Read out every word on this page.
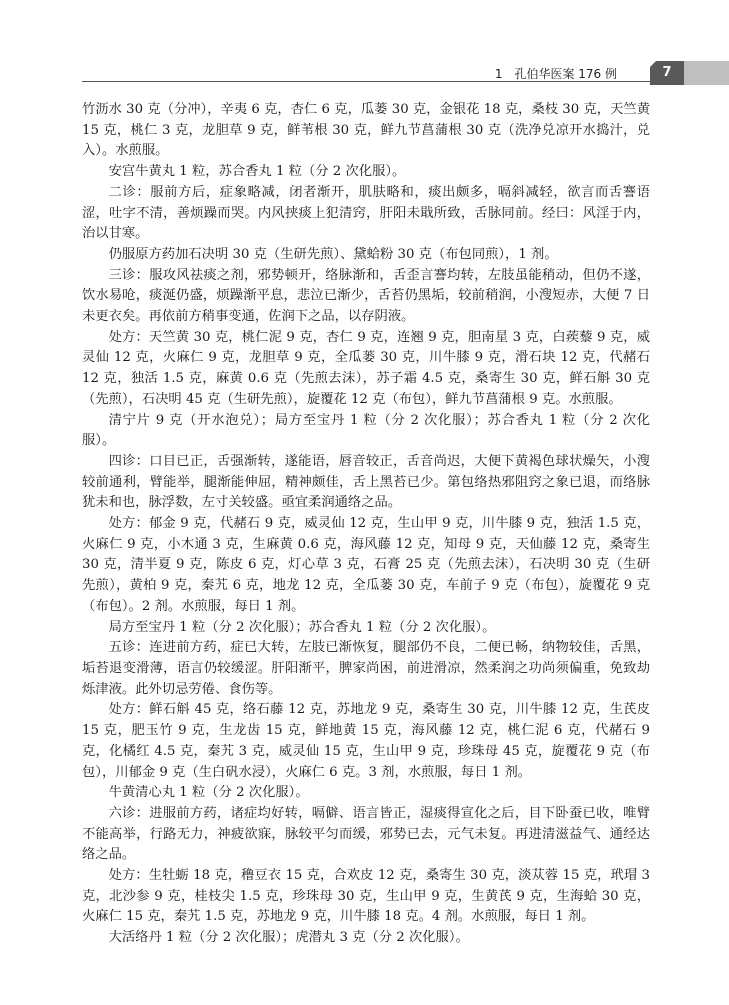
1　孔伯华医案 176 例	7

竹沥水 30 克（分冲），辛夷 6 克，杏仁 6 克，瓜蒌 30 克，金银花 18 克，桑枝 30 克，天竺黄 15 克，桃仁 3 克，龙胆草 9 克，鲜苇根 30 克，鲜九节菖蒲根 30 克（洗净兑凉开水捣汁，兑入）。水煎服。

安宫牛黄丸 1 粒，苏合香丸 1 粒（分 2 次化服）。

二诊：服前方后，症象略减，闭者渐开，肌肤略和，痰出颇多，嗝斜减轻，欲言而舌謇语涩，吐字不清，善烦躁而哭。内风挟痰上犯清窍，肝阳未戢所致，舌脉同前。经曰：风淫于内，治以甘寒。

仍服原方药加石决明 30 克（生研先煎）、黛蛤粉 30 克（布包同煎），1 剂。

三诊：服攻风祛痰之剂，邪势顿开，络脉渐和，舌歪言謇均转，左肢虽能稍动，但仍不遂，饮水易呛，痰涎仍盛，烦躁渐平息，悲泣已渐少，舌苔仍黑垢，较前稍润，小溲短赤，大便 7 日未更衣矣。再依前方稍事变通，佐润下之品，以存阴液。

处方：天竺黄 30 克，桃仁泥 9 克，杏仁 9 克，连翘 9 克，胆南星 3 克，白蒺藜 9 克，威灵仙 12 克，火麻仁 9 克，龙胆草 9 克，全瓜蒌 30 克，川牛膝 9 克，滑石块 12 克，代赭石 12 克，独活 1.5 克，麻黄 0.6 克（先煎去沫），苏子霜 4.5 克，桑寄生 30 克，鲜石斛 30 克（先煎），石决明 45 克（生研先煎），旋覆花 12 克（布包），鲜九节菖蒲根 9 克。水煎服。

清宁片 9 克（开水泡兑）；局方至宝丹 1 粒（分 2 次化服）；苏合香丸 1 粒（分 2 次化服）。

四诊：口目已正，舌强渐转，遂能语，唇音较正，舌音尚迟，大便下黄褐色球状燥矢，小溲较前通利，臂能举，腿渐能伸屈，精神颇佳，舌上黑苔已少。第包络热邪阻窍之象已退，而络脉犹未和也，脉浮数，左寸关较盛。亟宜柔润通络之品。

处方：郁金 9 克，代赭石 9 克，威灵仙 12 克，生山甲 9 克，川牛膝 9 克，独活 1.5 克，火麻仁 9 克，小木通 3 克，生麻黄 0.6 克，海风藤 12 克，知母 9 克，天仙藤 12 克，桑寄生 30 克，清半夏 9 克，陈皮 6 克，灯心草 3 克，石膏 25 克（先煎去沫），石决明 30 克（生研先煎），黄柏 9 克，秦艽 6 克，地龙 12 克，全瓜蒌 30 克，车前子 9 克（布包），旋覆花 9 克（布包）。2 剂。水煎服，每日 1 剂。

局方至宝丹 1 粒（分 2 次化服）；苏合香丸 1 粒（分 2 次化服）。

五诊：连进前方药，症已大转，左肢已渐恢复，腿部仍不良，二便已畅，纳物较佳，舌黑，垢苔退变滑薄，语言仍较缓涩。肝阳渐平，脾家尚困，前进滑凉，然柔润之功尚须偏重，免致劫烁津液。此外切忌劳倦、食伤等。

处方：鲜石斛 45 克，络石藤 12 克，苏地龙 9 克，桑寄生 30 克，川牛膝 12 克，生芪皮 15 克，肥玉竹 9 克，生龙齿 15 克，鲜地黄 15 克，海风藤 12 克，桃仁泥 6 克，代赭石 9 克，化橘红 4.5 克，秦艽 3 克，威灵仙 15 克，生山甲 9 克，珍珠母 45 克，旋覆花 9 克（布包），川郁金 9 克（生白矾水浸），火麻仁 6 克。3 剂，水煎服，每日 1 剂。

牛黄清心丸 1 粒（分 2 次化服）。

六诊：进服前方药，诸症均好转，嗝僻、语言皆正，湿痰得宣化之后，目下卧蚕已收，唯臂不能高举，行路无力，神疲欲寐，脉较平匀而缓，邪势已去，元气未复。再进清滋益气、通经达络之品。

处方：生牡蛎 18 克，穞豆衣 15 克，合欢皮 12 克，桑寄生 30 克，淡苁蓉 15 克，玳瑁 3 克，北沙参 9 克，桂枝尖 1.5 克，珍珠母 30 克，生山甲 9 克，生黄芪 9 克，生海蛤 30 克，火麻仁 15 克，秦艽 1.5 克，苏地龙 9 克，川牛膝 18 克。4 剂。水煎服，每日 1 剂。

大活络丹 1 粒（分 2 次化服）；虎潜丸 3 克（分 2 次化服）。
